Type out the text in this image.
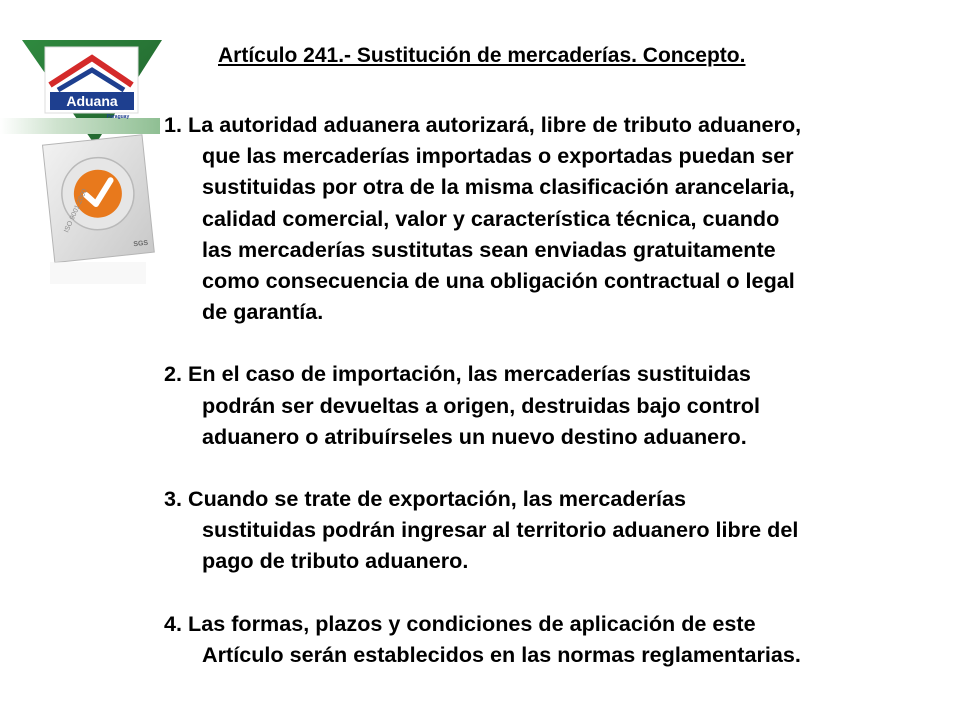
Aduana
Paraguay
ISO 9001:2000
SGS
Artículo 241.- Sustitución de mercaderías. Concepto.

1. La autoridad aduanera autorizará, libre de tributo aduanero,
que las mercaderías importadas o exportadas puedan ser
sustituidas por otra de la misma clasificación arancelaria,
calidad comercial, valor y característica técnica, cuando
las mercaderías sustitutas sean enviadas gratuitamente
como consecuencia de una obligación contractual o legal
de garantía.

2. En el caso de importación, las mercaderías sustituidas
podrán ser devueltas a origen, destruidas bajo control
aduanero o atribuírseles un nuevo destino aduanero.

3. Cuando se trate de exportación, las mercaderías
sustituidas podrán ingresar al territorio aduanero libre del
pago de tributo aduanero.

4. Las formas, plazos y condiciones de aplicación de este
Artículo serán establecidos en las normas reglamentarias.
